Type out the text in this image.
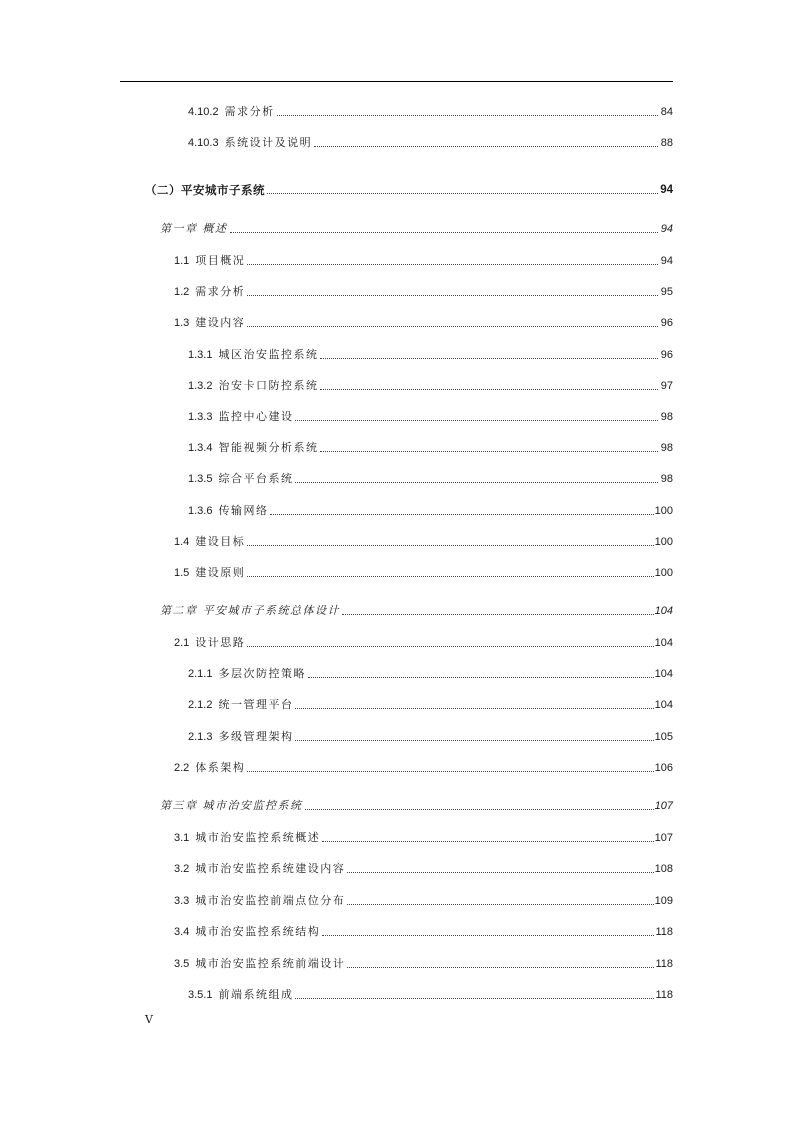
4.10.2 需求分析	84
4.10.3 系统设计及说明	88
（二）平安城市子系统	94
第一章 概述	94
1.1 项目概况	94
1.2 需求分析	95
1.3 建设内容	96
1.3.1 城区治安监控系统	96
1.3.2 治安卡口防控系统	97
1.3.3 监控中心建设	98
1.3.4 智能视频分析系统	98
1.3.5 综合平台系统	98
1.3.6 传输网络	100
1.4 建设目标	100
1.5 建设原则	100
第二章 平安城市子系统总体设计	104
2.1 设计思路	104
2.1.1 多层次防控策略	104
2.1.2 统一管理平台	104
2.1.3 多级管理架构	105
2.2 体系架构	106
第三章 城市治安监控系统	107
3.1 城市治安监控系统概述	107
3.2 城市治安监控系统建设内容	108
3.3 城市治安监控前端点位分布	109
3.4 城市治安监控系统结构	118
3.5 城市治安监控系统前端设计	118
3.5.1 前端系统组成	118
V
